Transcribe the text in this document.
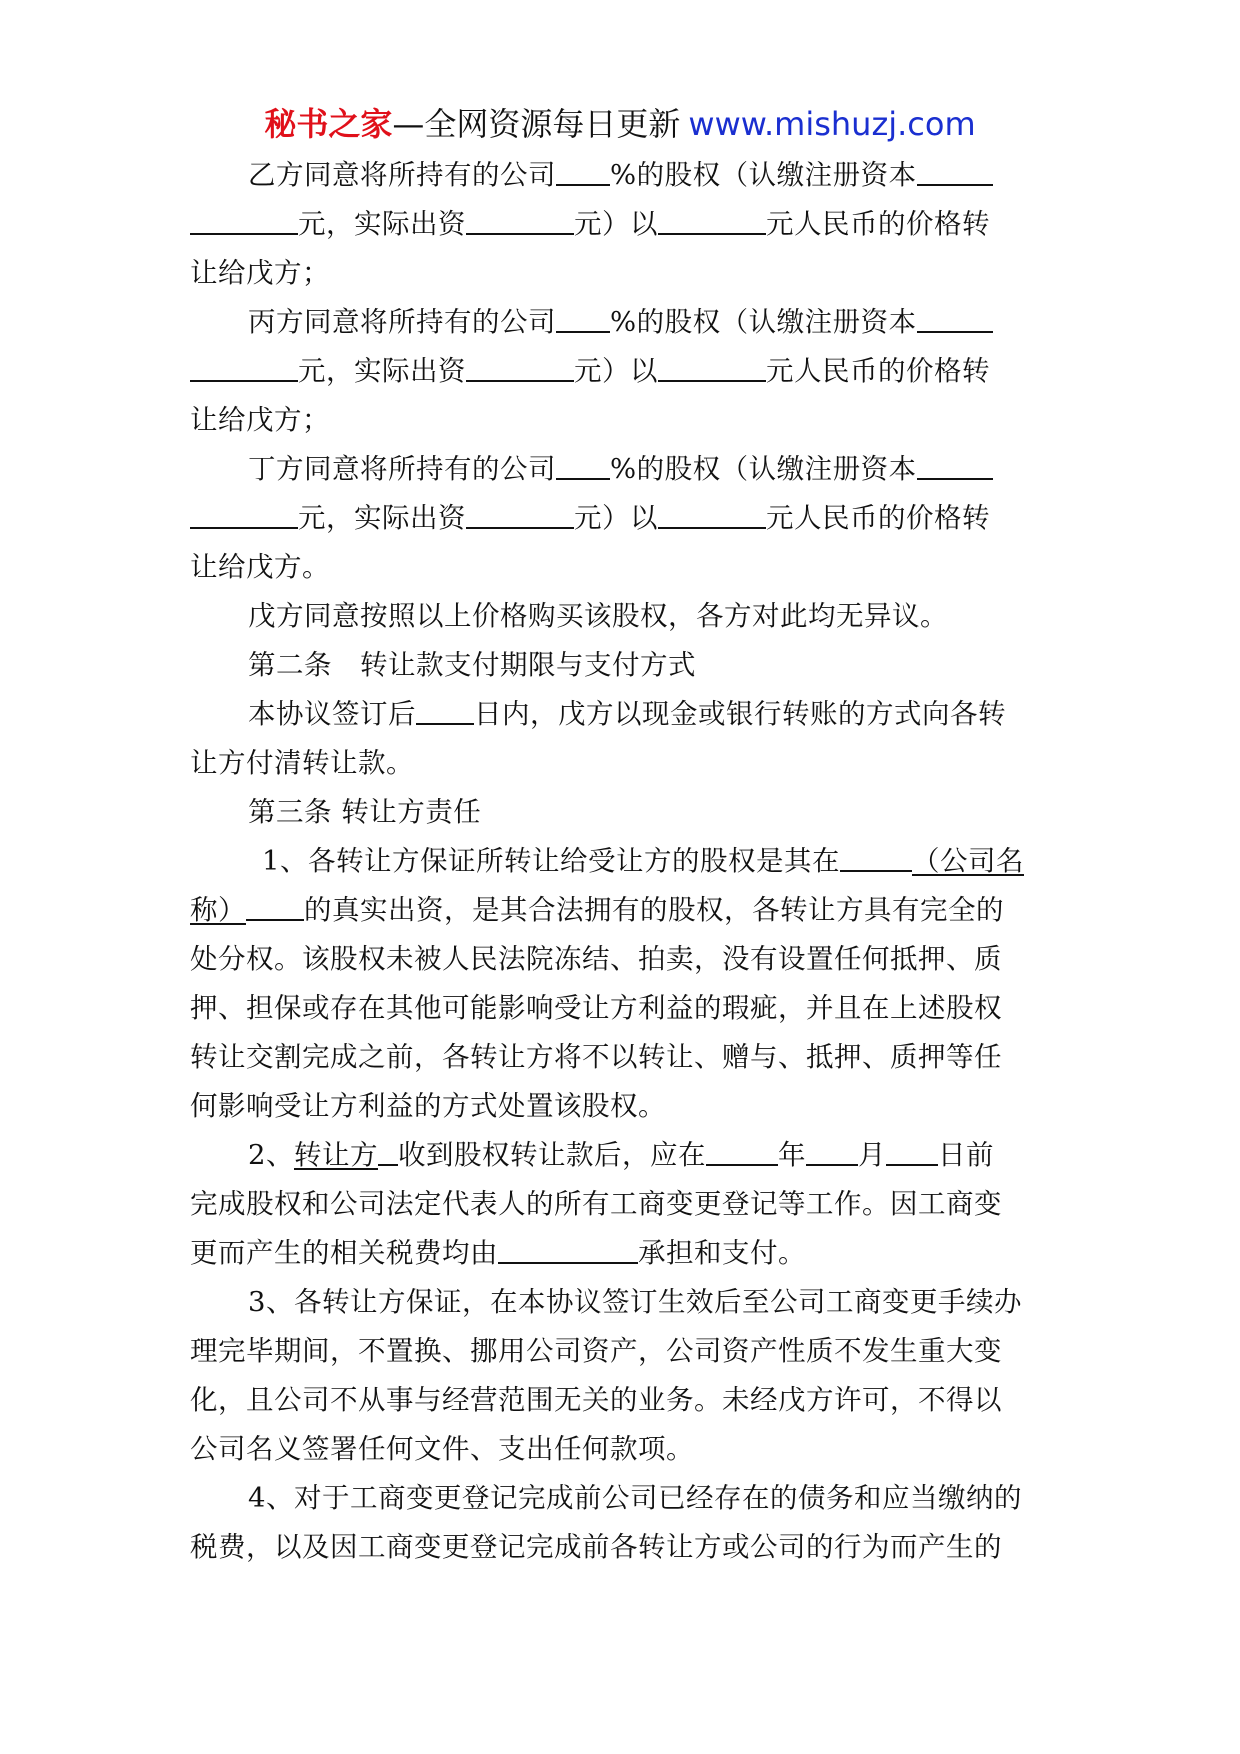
秘书之家—全网资源每日更新 www.mishuzj.com
乙方同意将所持有的公司 %的股权（认缴注册资本
元，实际出资	元）以	元人民币的价格转
让给戊方；
丙方同意将所持有的公司 %的股权（认缴注册资本
元，实际出资	元）以	元人民币的价格转
让给戊方；
丁方同意将所持有的公司 %的股权（认缴注册资本
元，实际出资	元）以	元人民币的价格转
让给戊方。
戊方同意按照以上价格购买该股权，各方对此均无异议。
第二条　转让款支付期限与支付方式
本协议签订后 日内，戊方以现金或银行转账的方式向各转
让方付清转让款。
第三条 转让方责任
1、各转让方保证所转让给受让方的股权是其在	（公司名
称） 的真实出资，是其合法拥有的股权，各转让方具有完全的
处分权。该股权未被人民法院冻结、拍卖，没有设置任何抵押、质
押、担保或存在其他可能影响受让方利益的瑕疵，并且在上述股权
转让交割完成之前，各转让方将不以转让、赠与、抵押、质押等任
何影响受让方利益的方式处置该股权。
2、转让方 收到股权转让款后，应在	年 月 日前
完成股权和公司法定代表人的所有工商变更登记等工作。因工商变
更而产生的相关税费均由	承担和支付。
3、各转让方保证，在本协议签订生效后至公司工商变更手续办
理完毕期间，不置换、挪用公司资产，公司资产性质不发生重大变
化，且公司不从事与经营范围无关的业务。未经戊方许可，不得以
公司名义签署任何文件、支出任何款项。
4、对于工商变更登记完成前公司已经存在的债务和应当缴纳的
税费，以及因工商变更登记完成前各转让方或公司的行为而产生的
